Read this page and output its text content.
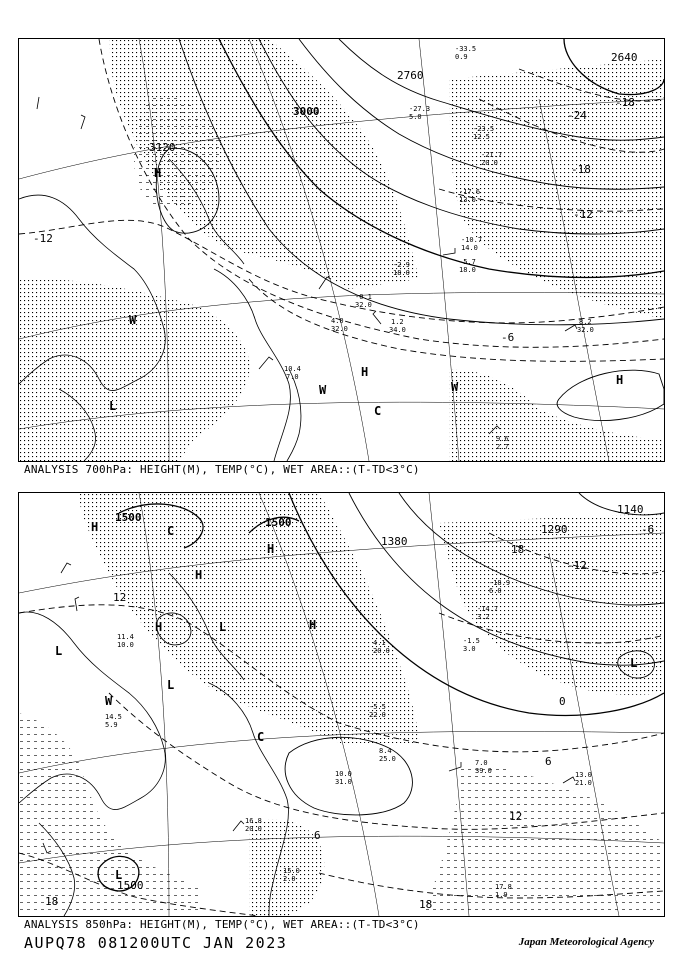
3120
3000
2760
2640
-12
-18
-24
-18
-12
-6
H
H
H
W
W	W
L	C
10.4
7.0
1.2
34.0
-0.1
32.0
8.2
32.0
-10.7
14.0
-5.7
18.0
-2.9
18.0
-21.7
20.0
-17.6
13.0
-33.5
0.9
-27.3
5.0
-23.5
12.5
9.6
2.7
4.0
32.0
ANALYSIS 700hPa: HEIGHT(M), TEMP(°C), WET AREA::(T-TD<3°C)
1500	1500
1380
1140
1290
1500
12
-6
-12
0
6
12
18
6
18	18
H
H
H
H	H
L
L
L
L
L
W
C
C
13.0
21.0
8.4
25.0
10.0
31.0
4.1
20.0
-14.7
3.2
-1.5
3.0
-18.9
6.0
7.0
39.0
16.8
20.0
15.0
2.0
17.8
1.9
14.5
5.9
11.4
10.0
-5.5
22.0
ANALYSIS 850hPa: HEIGHT(M), TEMP(°C), WET AREA::(T-TD<3°C)
AUPQ78 081200UTC JAN 2023	Japan Meteorological Agency
